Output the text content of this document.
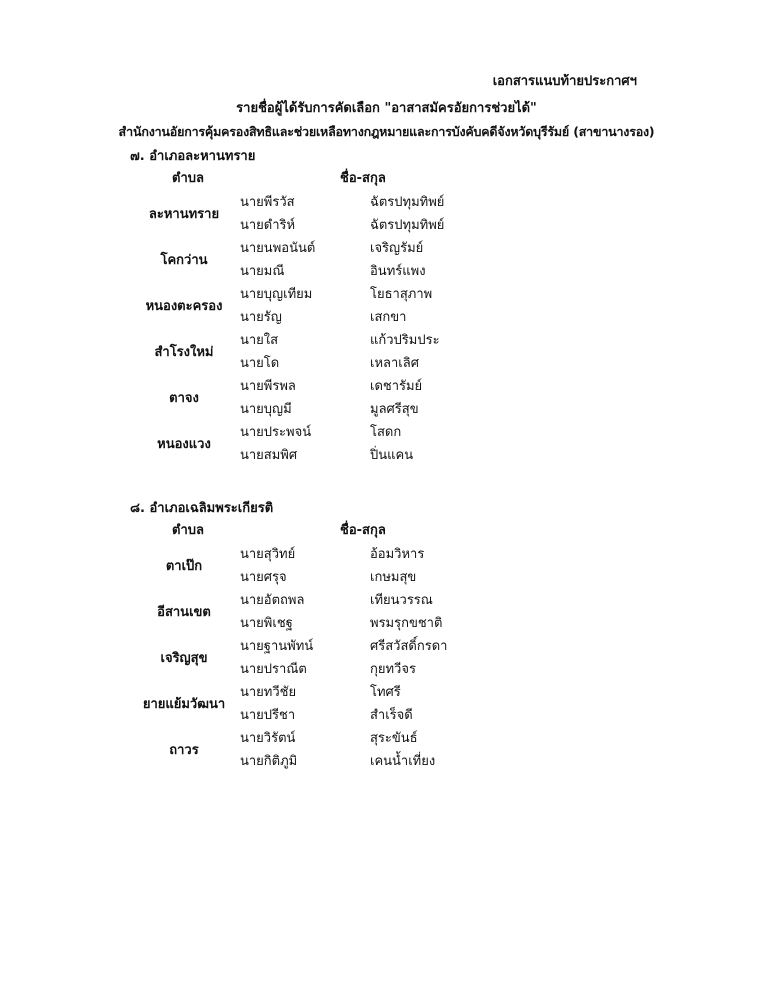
เอกสารแนบท้ายประกาศฯ
รายชื่อผู้ได้รับการคัดเลือก "อาสาสมัครอัยการช่วยได้"
สำนักงานอัยการคุ้มครองสิทธิและช่วยเหลือทางกฎหมายและการบังคับคดีจังหวัดบุรีรัมย์ (สาขานางรอง)
๗. อำเภอละหานทราย
ตำบล	ชื่อ-สกุล
ละหานทราย
นายพีรวัส	ฉัตรปทุมทิพย์
นายดำริห์	ฉัตรปทุมทิพย์
โคกว่าน
นายนพอนันต์	เจริญรัมย์
นายมณี	อินทร์แพง
หนองตะครอง
นายบุญเทียม	โยธาสุภาพ
นายรัญ	เสกขา
สำโรงใหม่
นายใส	แก้วปริมประ
นายโด	เหลาเลิศ
ตาจง
นายพีรพล	เดชารัมย์
นายบุญมี	มูลศรีสุข
หนองแวง
นายประพจน์	โสดก
นายสมพิศ	ปิ่นแคน
๘. อำเภอเฉลิมพระเกียรติ
ตำบล	ชื่อ-สกุล
ตาเป๊ก
นายสุวิทย์	อ้อมวิหาร
นายศรุจ	เกษมสุข
อีสานเขต
นายอัตถพล	เทียนวรรณ
นายพิเชฐ	พรมรุกขชาติ
เจริญสุข
นายฐานพัทน์	ศรีสวัสดิ์กรดา
นายปราณีต	กุยทวีจร
ยายแย้มวัฒนา
นายทวีชัย	โทศรี
นายปรีชา	สำเร็จดี
ถาวร
นายวิรัตน์	สุระขันธ์
นายกิติภูมิ	เคนน้ำเที่ยง
